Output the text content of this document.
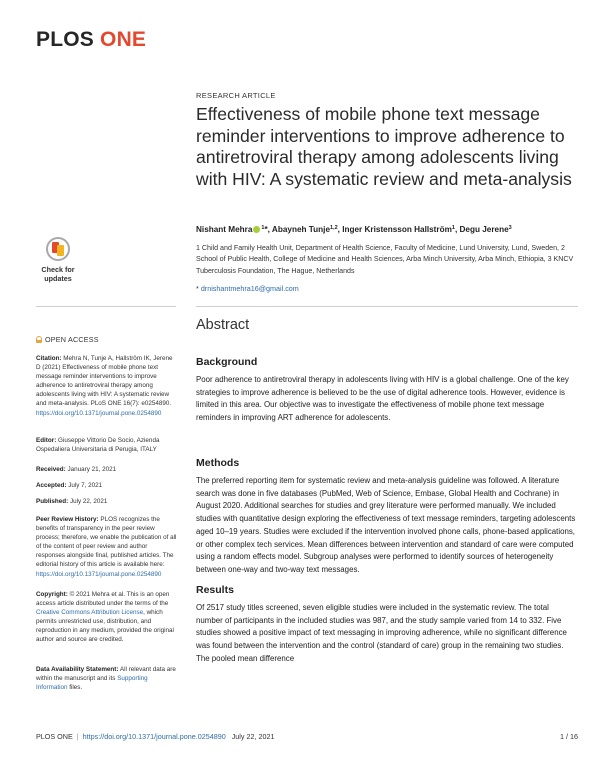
PLOS ONE
RESEARCH ARTICLE
Effectiveness of mobile phone text message reminder interventions to improve adherence to antiretroviral therapy among adolescents living with HIV: A systematic review and meta-analysis
Nishant Mehra $^1$*, Abayneh Tunje$^{1,2}$, Inger Kristensson Hallström$^1$, Degu Jerene$^3$
1 Child and Family Health Unit, Department of Health Science, Faculty of Medicine, Lund University, Lund, Sweden, 2 School of Public Health, College of Medicine and Health Sciences, Arba Minch University, Arba Minch, Ethiopia, 3 KNCV Tuberculosis Foundation, The Hague, Netherlands
* drnishantmehra16@gmail.com
Check for
updates
OPEN ACCESS
Citation: Mehra N, Tunje A, Hallström IK, Jerene D (2021) Effectiveness of mobile phone text message reminder interventions to improve adherence to antiretroviral therapy among adolescents living with HIV: A systematic review and meta-analysis. PLoS ONE 16(7): e0254890. https://doi.org/10.1371/journal.pone.0254890
Editor: Giuseppe Vittorio De Socio, Azienda Ospedaliera Universitaria di Perugia, ITALY
Received: January 21, 2021
Accepted: July 7, 2021
Published: July 22, 2021
Peer Review History: PLOS recognizes the benefits of transparency in the peer review process; therefore, we enable the publication of all of the content of peer review and author responses alongside final, published articles. The editorial history of this article is available here: https://doi.org/10.1371/journal.pone.0254890
Copyright: © 2021 Mehra et al. This is an open access article distributed under the terms of the Creative Commons Attribution License, which permits unrestricted use, distribution, and reproduction in any medium, provided the original author and source are credited.
Data Availability Statement: All relevant data are within the manuscript and its Supporting Information files.
Abstract
Background

Poor adherence to antiretroviral therapy in adolescents living with HIV is a global challenge. One of the key strategies to improve adherence is believed to be the use of digital adherence tools. However, evidence is limited in this area. Our objective was to investigate the effectiveness of mobile phone text message reminders in improving ART adherence for adolescents.

Methods

The preferred reporting item for systematic review and meta-analysis guideline was followed. A literature search was done in five databases (PubMed, Web of Science, Embase, Global Health and Cochrane) in August 2020. Additional searches for studies and grey literature were performed manually. We included studies with quantitative design exploring the effectiveness of text message reminders, targeting adolescents aged 10–19 years. Studies were excluded if the intervention involved phone calls, phone-based applications, or other complex tech services. Mean differences between intervention and standard of care were computed using a random effects model. Subgroup analyses were performed to identify sources of heterogeneity between one-way and two-way text messages.

Results

Of 2517 study titles screened, seven eligible studies were included in the systematic review. The total number of participants in the included studies was 987, and the study sample varied from 14 to 332. Five studies showed a positive impact of text messaging in improving adherence, while no significant difference was found between the intervention and the control (standard of care) group in the remaining two studies. The pooled mean difference

PLOS ONE | https://doi.org/10.1371/journal.pone.0254890 July 22, 2021	1 / 16
